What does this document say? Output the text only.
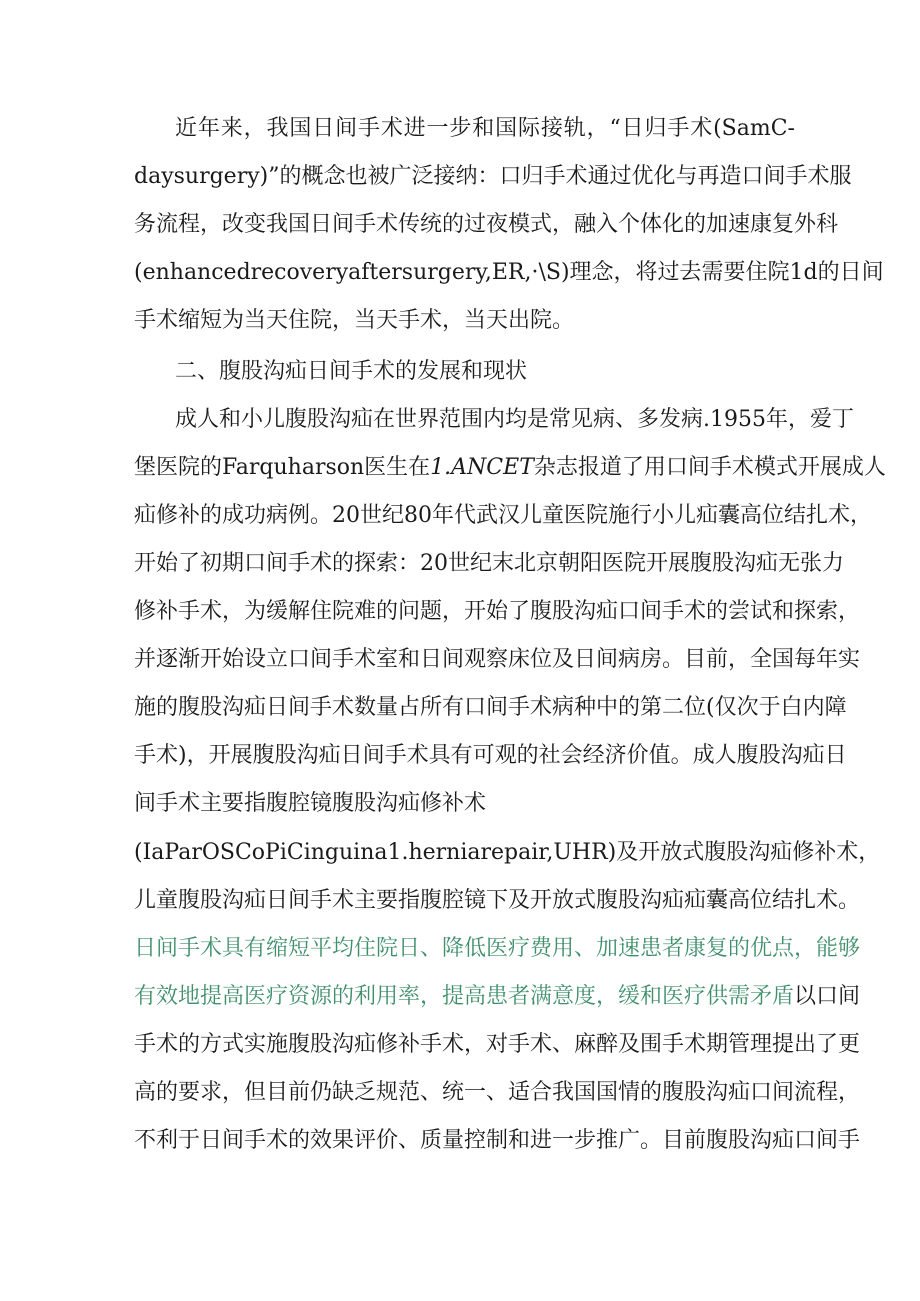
近年来，我国日间手术进一步和国际接轨，“日归手术(SamC-
daysurgery)”的概念也被广泛接纳：口归手术通过优化与再造口间手术服
务流程，改变我国日间手术传统的过夜模式，融入个体化的加速康复外科
(enhancedrecoveryaftersurgery,ER,·\S)理念，将过去需要住院1d的日间
手术缩短为当天住院，当天手术，当天出院。
二、腹股沟疝日间手术的发展和现状
成人和小儿腹股沟疝在世界范围内均是常见病、多发病.1955年，爱丁
堡医院的Farquharson医生在1.ANCET杂志报道了用口间手术模式开展成人
疝修补的成功病例。20世纪80年代武汉儿童医院施行小儿疝囊高位结扎术，
开始了初期口间手术的探索：20世纪末北京朝阳医院开展腹股沟疝无张力
修补手术，为缓解住院难的问题，开始了腹股沟疝口间手术的尝试和探索，
并逐渐开始设立口间手术室和日间观察床位及日间病房。目前，全国每年实
施的腹股沟疝日间手术数量占所有口间手术病种中的第二位(仅次于白内障
手术)，开展腹股沟疝日间手术具有可观的社会经济价值。成人腹股沟疝日
间手术主要指腹腔镜腹股沟疝修补术
(IaParOSCoPiCinguina1.herniarepair,UHR)及开放式腹股沟疝修补术，
儿童腹股沟疝日间手术主要指腹腔镜下及开放式腹股沟疝疝囊高位结扎术。
日间手术具有缩短平均住院日、降低医疗费用、加速患者康复的优点，能够
有效地提高医疗资源的利用率，提高患者满意度，缓和医疗供需矛盾以口间
手术的方式实施腹股沟疝修补手术，对手术、麻醉及围手术期管理提出了更
高的要求，但目前仍缺乏规范、统一、适合我国国情的腹股沟疝口间流程，
不利于日间手术的效果评价、质量控制和进一步推广。目前腹股沟疝口间手
